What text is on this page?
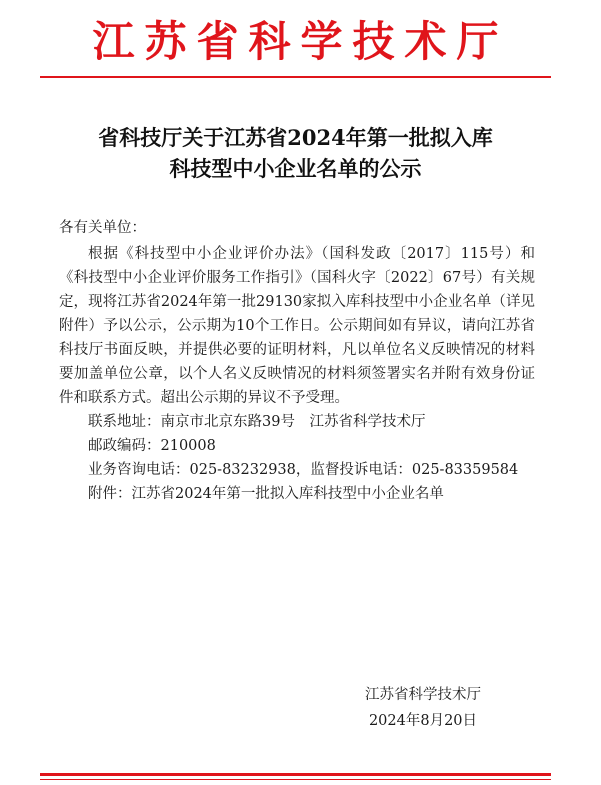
江苏省科学技术厅
省科技厅关于江苏省2024年第一批拟入库
科技型中小企业名单的公示

各有关单位：

根据《科技型中小企业评价办法》（国科发政〔2017〕115号）和《科技型中小企业评价服务工作指引》（国科火字〔2022〕67号）有关规定，现将江苏省2024年第一批29130家拟入库科技型中小企业名单（详见附件）予以公示，公示期为10个工作日。公示期间如有异议，请向江苏省科技厅书面反映，并提供必要的证明材料，凡以单位名义反映情况的材料要加盖单位公章，以个人名义反映情况的材料须签署实名并附有效身份证件和联系方式。超出公示期的异议不予受理。

联系地址：南京市北京东路39号　江苏省科学技术厅

邮政编码：210008

业务咨询电话：025-83232938，监督投诉电话：025-83359584

附件：江苏省2024年第一批拟入库科技型中小企业名单

江苏省科学技术厅
2024年8月20日
